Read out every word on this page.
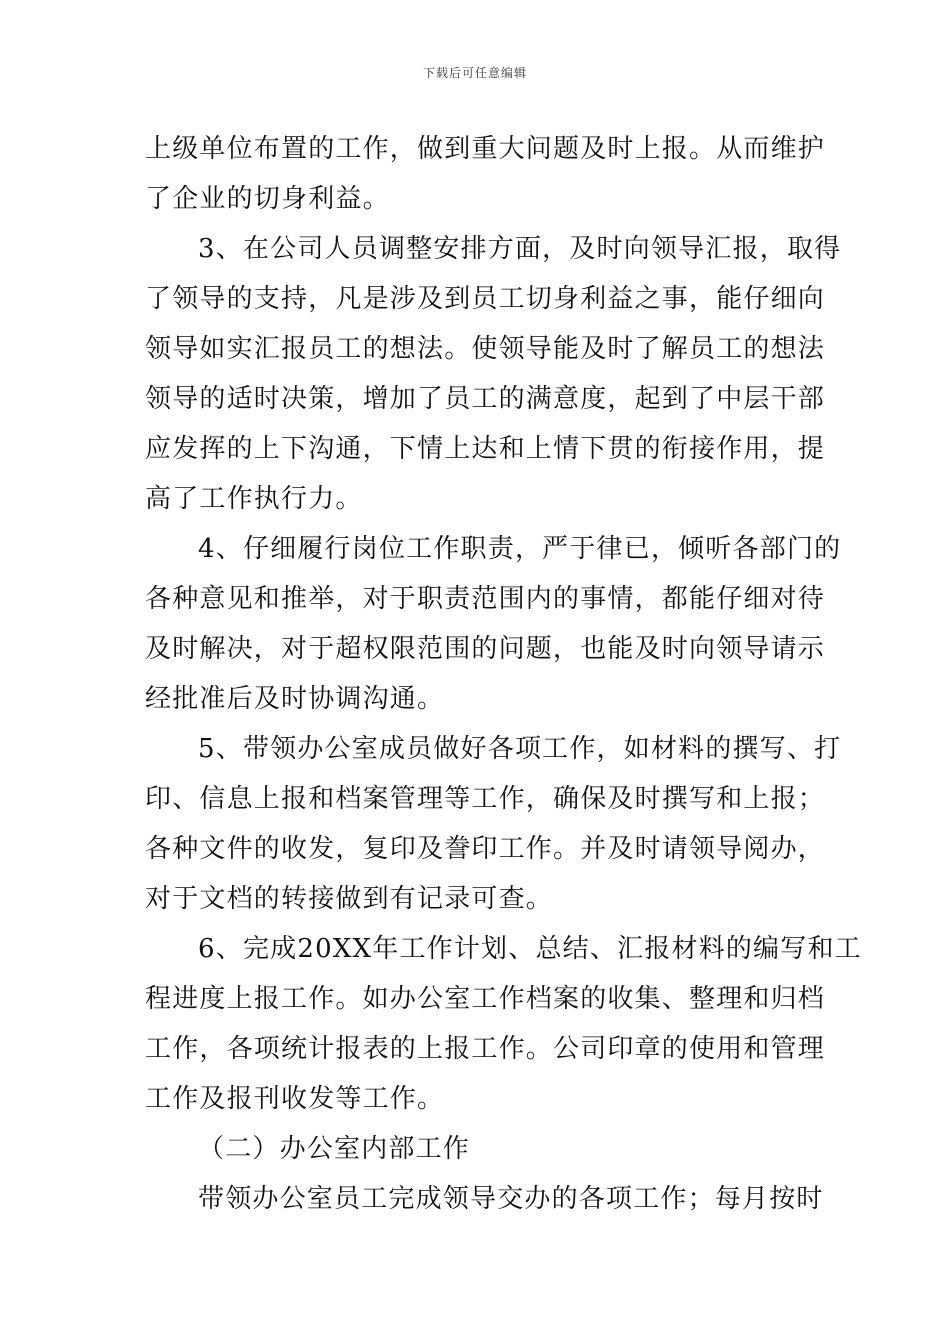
下载后可任意编辑
上级单位布置的工作，做到重大问题及时上报。从而维护
了企业的切身利益。
3、在公司人员调整安排方面，及时向领导汇报，取得
了领导的支持，凡是涉及到员工切身利益之事，能仔细向
领导如实汇报员工的想法。使领导能及时了解员工的想法
领导的适时决策，增加了员工的满意度，起到了中层干部
应发挥的上下沟通，下情上达和上情下贯的衔接作用，提
高了工作执行力。
4、仔细履行岗位工作职责，严于律已，倾听各部门的
各种意见和推举，对于职责范围内的事情，都能仔细对待
及时解决，对于超权限范围的问题，也能及时向领导请示
经批准后及时协调沟通。
5、带领办公室成员做好各项工作，如材料的撰写、打
印、信息上报和档案管理等工作，确保及时撰写和上报；
各种文件的收发，复印及誊印工作。并及时请领导阅办，
对于文档的转接做到有记录可查。
6、完成20XX年工作计划、总结、汇报材料的编写和工
程进度上报工作。如办公室工作档案的收集、整理和归档
工作，各项统计报表的上报工作。公司印章的使用和管理
工作及报刊收发等工作。
（二）办公室内部工作
带领办公室员工完成领导交办的各项工作；每月按时
